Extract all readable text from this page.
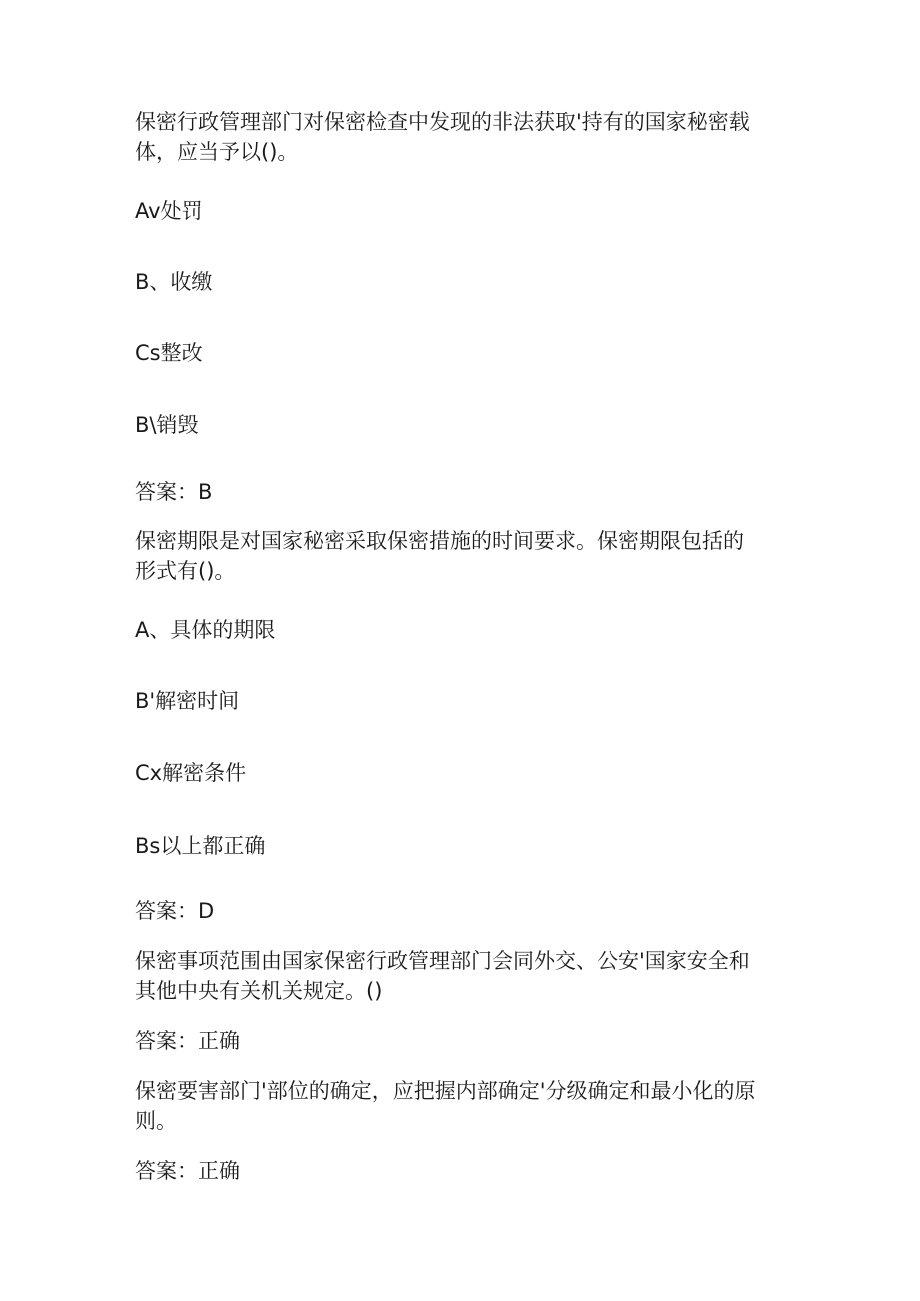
保密行政管理部门对保密检查中发现的非法获取'持有的国家秘密载
体，应当予以()。
Av处罚
B、收缴
Cs整改
B\销毁
答案：B
保密期限是对国家秘密采取保密措施的时间要求。保密期限包括的
形式有()。
A、具体的期限
B'解密时间
Cx解密条件
Bs以上都正确
答案：D
保密事项范围由国家保密行政管理部门会同外交、公安'国家安全和
其他中央有关机关规定。()
答案：正确
保密要害部门'部位的确定，应把握内部确定'分级确定和最小化的原
则。
答案：正确
